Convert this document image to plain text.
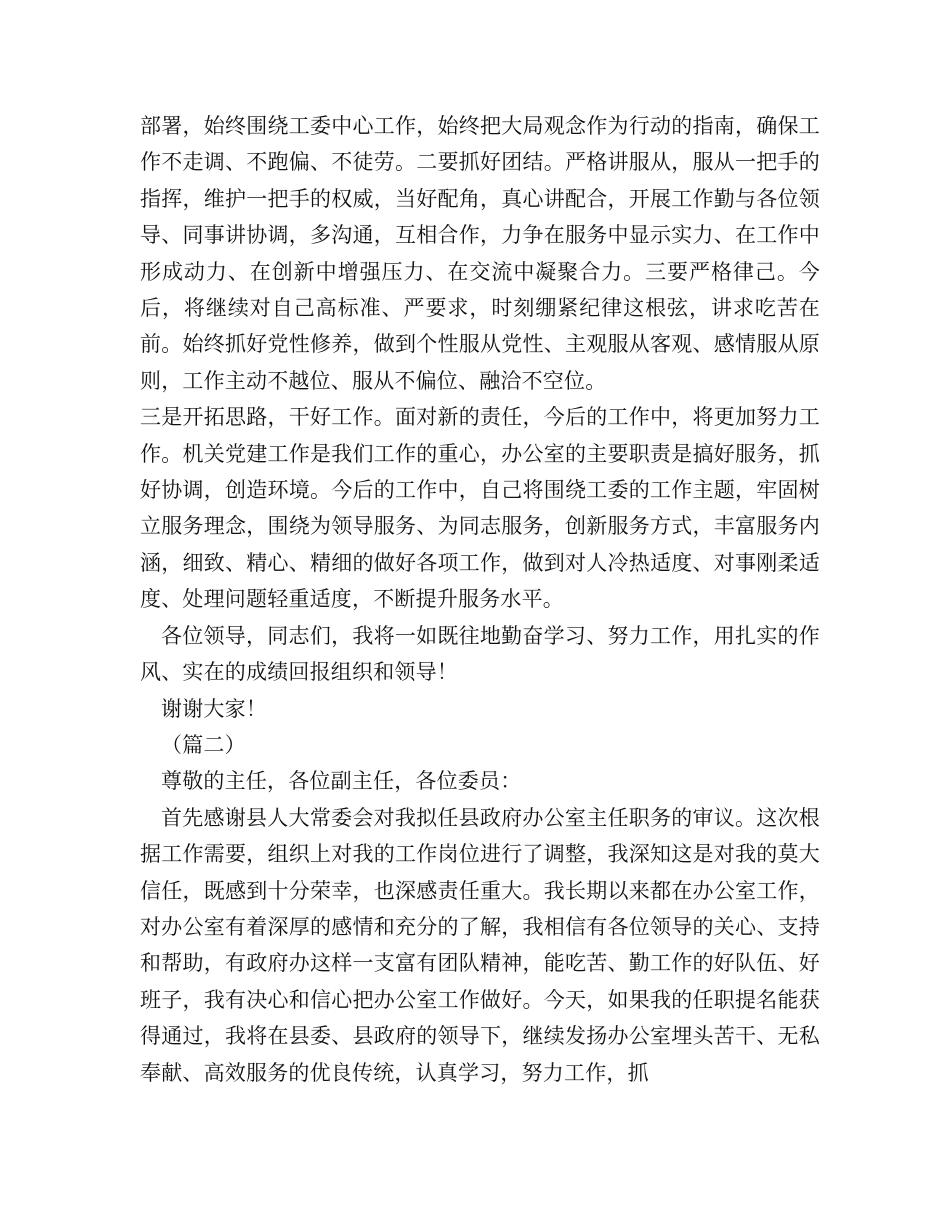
部署，始终围绕工委中心工作，始终把大局观念作为行动的指南，确保工作不走调、不跑偏、不徒劳。二要抓好团结。严格讲服从，服从一把手的指挥，维护一把手的权威，当好配角，真心讲配合，开展工作勤与各位领导、同事讲协调，多沟通，互相合作，力争在服务中显示实力、在工作中形成动力、在创新中增强压力、在交流中凝聚合力。三要严格律己。今后，将继续对自己高标准、严要求，时刻绷紧纪律这根弦，讲求吃苦在前。始终抓好党性修养，做到个性服从党性、主观服从客观、感情服从原则，工作主动不越位、服从不偏位、融洽不空位。

三是开拓思路，干好工作。面对新的责任，今后的工作中，将更加努力工作。机关党建工作是我们工作的重心，办公室的主要职责是搞好服务，抓好协调，创造环境。今后的工作中，自己将围绕工委的工作主题，牢固树立服务理念，围绕为领导服务、为同志服务，创新服务方式，丰富服务内涵，细致、精心、精细的做好各项工作，做到对人冷热适度、对事刚柔适度、处理问题轻重适度，不断提升服务水平。

各位领导，同志们，我将一如既往地勤奋学习、努力工作，用扎实的作风、实在的成绩回报组织和领导！

谢谢大家！

（篇二）

尊敬的主任，各位副主任，各位委员：

首先感谢县人大常委会对我拟任县政府办公室主任职务的审议。这次根据工作需要，组织上对我的工作岗位进行了调整，我深知这是对我的莫大信任，既感到十分荣幸，也深感责任重大。我长期以来都在办公室工作，对办公室有着深厚的感情和充分的了解，我相信有各位领导的关心、支持和帮助，有政府办这样一支富有团队精神，能吃苦、勤工作的好队伍、好班子，我有决心和信心把办公室工作做好。今天，如果我的任职提名能获得通过，我将在县委、县政府的领导下，继续发扬办公室埋头苦干、无私奉献、高效服务的优良传统，认真学习，努力工作，抓
